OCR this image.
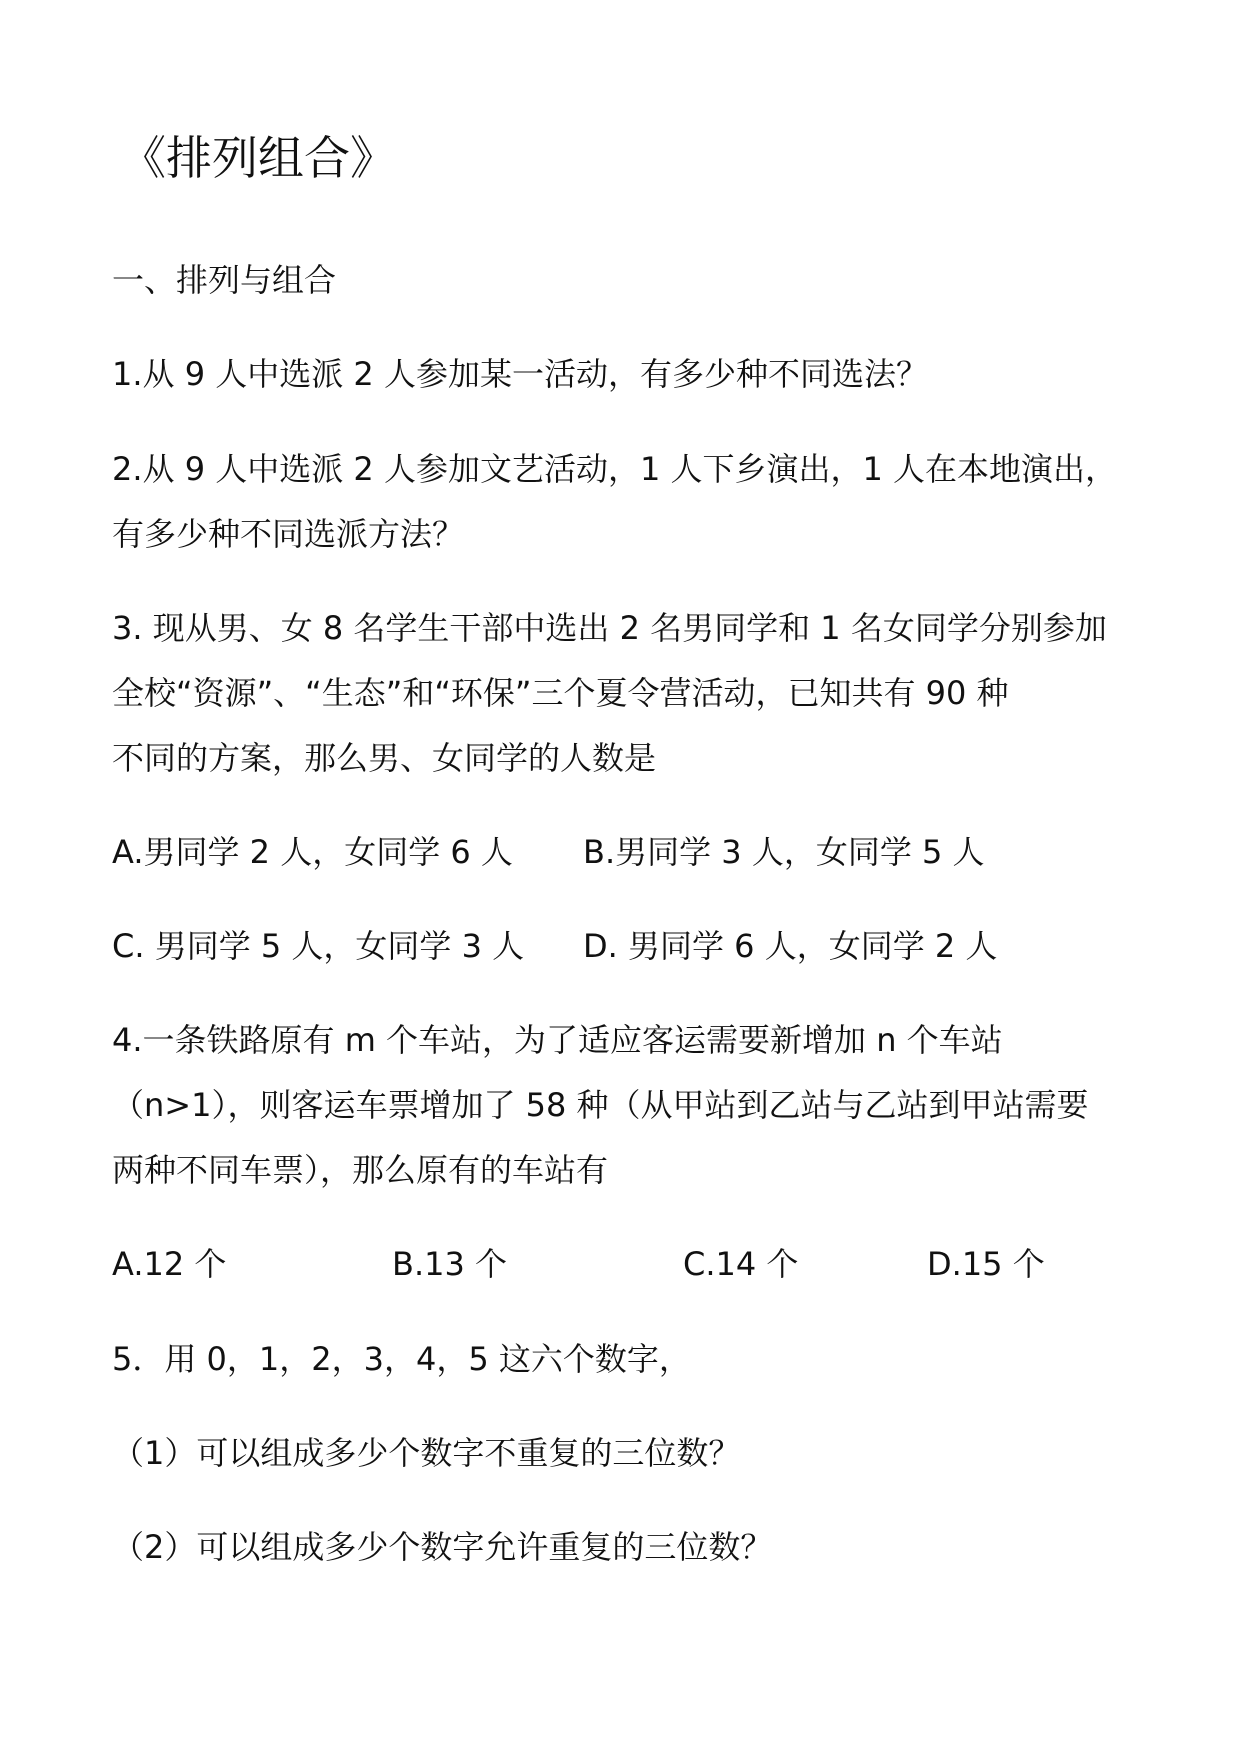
《排列组合》
一、排列与组合
1.从 9 人中选派 2 人参加某一活动，有多少种不同选法？
2.从 9 人中选派 2 人参加文艺活动，1 人下乡演出，1 人在本地演出，
有多少种不同选派方法？
3. 现从男、女 8 名学生干部中选出 2 名男同学和 1 名女同学分别参加
全校“资源”、“生态”和“环保”三个夏令营活动，已知共有 90 种
不同的方案，那么男、女同学的人数是
A.男同学 2 人，女同学 6 人 B.男同学 3 人，女同学 5 人
C. 男同学 5 人，女同学 3 人 D. 男同学 6 人，女同学 2 人
4.一条铁路原有 m 个车站，为了适应客运需要新增加 n 个车站
（n>1），则客运车票增加了 58 种（从甲站到乙站与乙站到甲站需要
两种不同车票），那么原有的车站有
A.12 个	B.13 个	C.14 个	D.15 个
5．用 0，1，2，3，4，5 这六个数字，
（1）可以组成多少个数字不重复的三位数？
（2）可以组成多少个数字允许重复的三位数？
